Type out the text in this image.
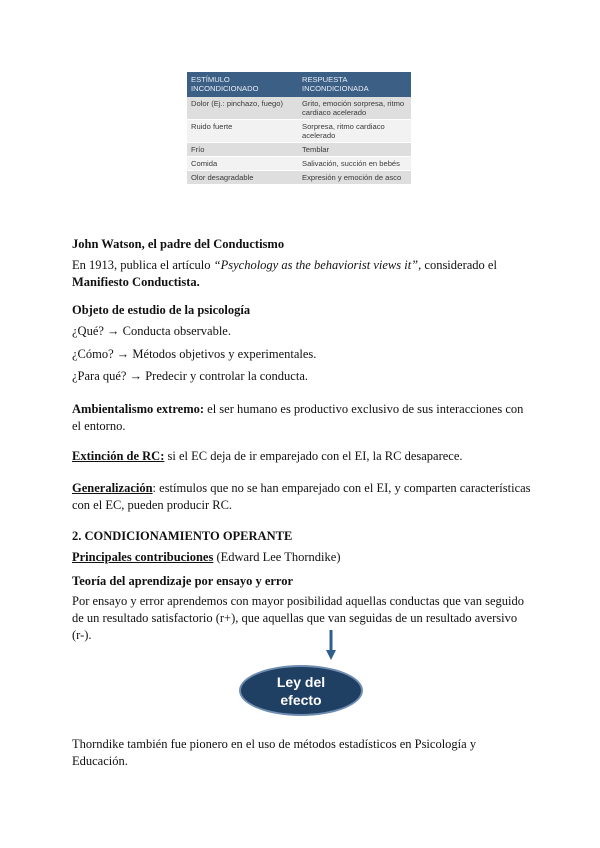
ESTÍMULO INCONDICIONADO	RESPUESTA INCONDICIONADA
Dolor (Ej.: pinchazo, fuego)	Grito, emoción sorpresa, ritmo cardiaco acelerado
Ruido fuerte	Sorpresa, ritmo cardiaco acelerado
Frío	Temblar
Comida	Salivación, succión en bebés
Olor desagradable	Expresión y emoción de asco
John Watson, el padre del Conductismo
En 1913, publica el artículo “Psychology as the behaviorist views it”, considerado el Manifiesto Conductista.
Objeto de estudio de la psicología
¿Qué? → Conducta observable.
¿Cómo? → Métodos objetivos y experimentales.
¿Para qué? → Predecir y controlar la conducta.
Ambientalismo extremo: el ser humano es productivo exclusivo de sus interacciones con el entorno.
Extinción de RC: si el EC deja de ir emparejado con el EI, la RC desaparece.
Generalización: estímulos que no se han emparejado con el EI, y comparten características con el EC, pueden producir RC.
2. CONDICIONAMIENTO OPERANTE
Principales contribuciones (Edward Lee Thorndike)
Teoría del aprendizaje por ensayo y error
Por ensayo y error aprendemos con mayor posibilidad aquellas conductas que van seguido de un resultado satisfactorio (r+), que aquellas que van seguidas de un resultado aversivo (r-).
Ley del efecto
Thorndike también fue pionero en el uso de métodos estadísticos en Psicología y Educación.
